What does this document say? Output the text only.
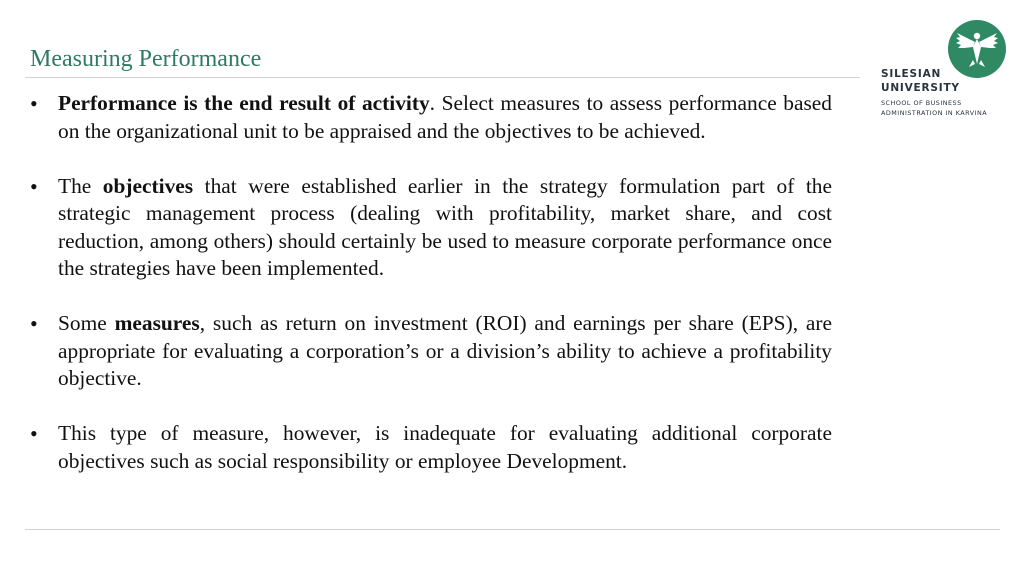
Measuring Performance
SILESIAN
UNIVERSITY
SCHOOL OF BUSINESS
ADMINISTRATION IN KARVINA
• Performance is the end result of activity. Select measures to assess performance based on the organizational unit to be appraised and the objectives to be achieved.
• The objectives that were established earlier in the strategy formulation part of the strategic management process (dealing with profitability, market share, and cost reduction, among others) should certainly be used to measure corporate performance once the strategies have been implemented.
• Some measures, such as return on investment (ROI) and earnings per share (EPS), are appropriate for evaluating a corporation’s or a division’s ability to achieve a profitability objective.
• This type of measure, however, is inadequate for evaluating additional corporate objectives such as social responsibility or employee Development.
